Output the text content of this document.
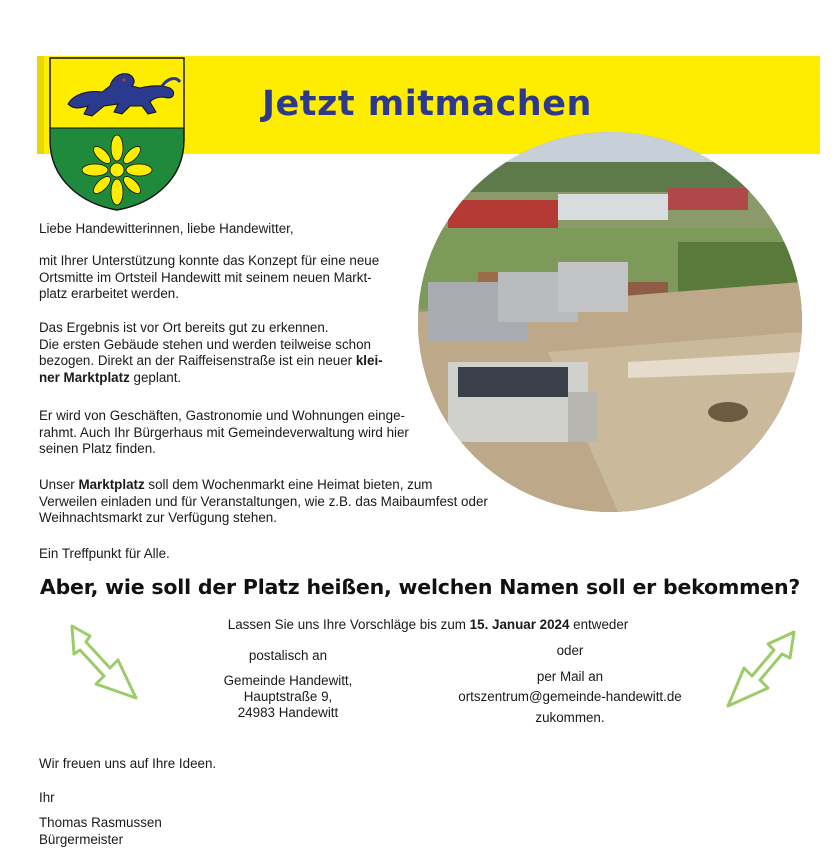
Jetzt mitmachen
Liebe Handewitterinnen, liebe Handewitter,
mit Ihrer Unterstützung konnte das Konzept für eine neue
Ortsmitte im Ortsteil Handewitt mit seinem neuen Markt-
platz erarbeitet werden.
Das Ergebnis ist vor Ort bereits gut zu erkennen.
Die ersten Gebäude stehen und werden teilweise schon
bezogen. Direkt an der Raiffeisenstraße ist ein neuer klei-
ner Marktplatz geplant.
Er wird von Geschäften, Gastronomie und Wohnungen einge-
rahmt. Auch Ihr Bürgerhaus mit Gemeindeverwaltung wird hier
seinen Platz finden.
Unser Marktplatz soll dem Wochenmarkt eine Heimat bieten, zum
Verweilen einladen und für Veranstaltungen, wie z.B. das Maibaumfest oder
Weihnachtsmarkt zur Verfügung stehen.
Ein Treffpunkt für Alle.
Aber, wie soll der Platz heißen, welchen Namen soll er bekommen?
Lassen Sie uns Ihre Vorschläge bis zum 15. Januar 2024 entweder
postalisch an
Gemeinde Handewitt,
Hauptstraße 9,
24983 Handewitt
oder
per Mail an
ortszentrum@gemeinde-handewitt.de
zukommen.
Wir freuen uns auf Ihre Ideen.
Ihr
Thomas Rasmussen
Bürgermeister
